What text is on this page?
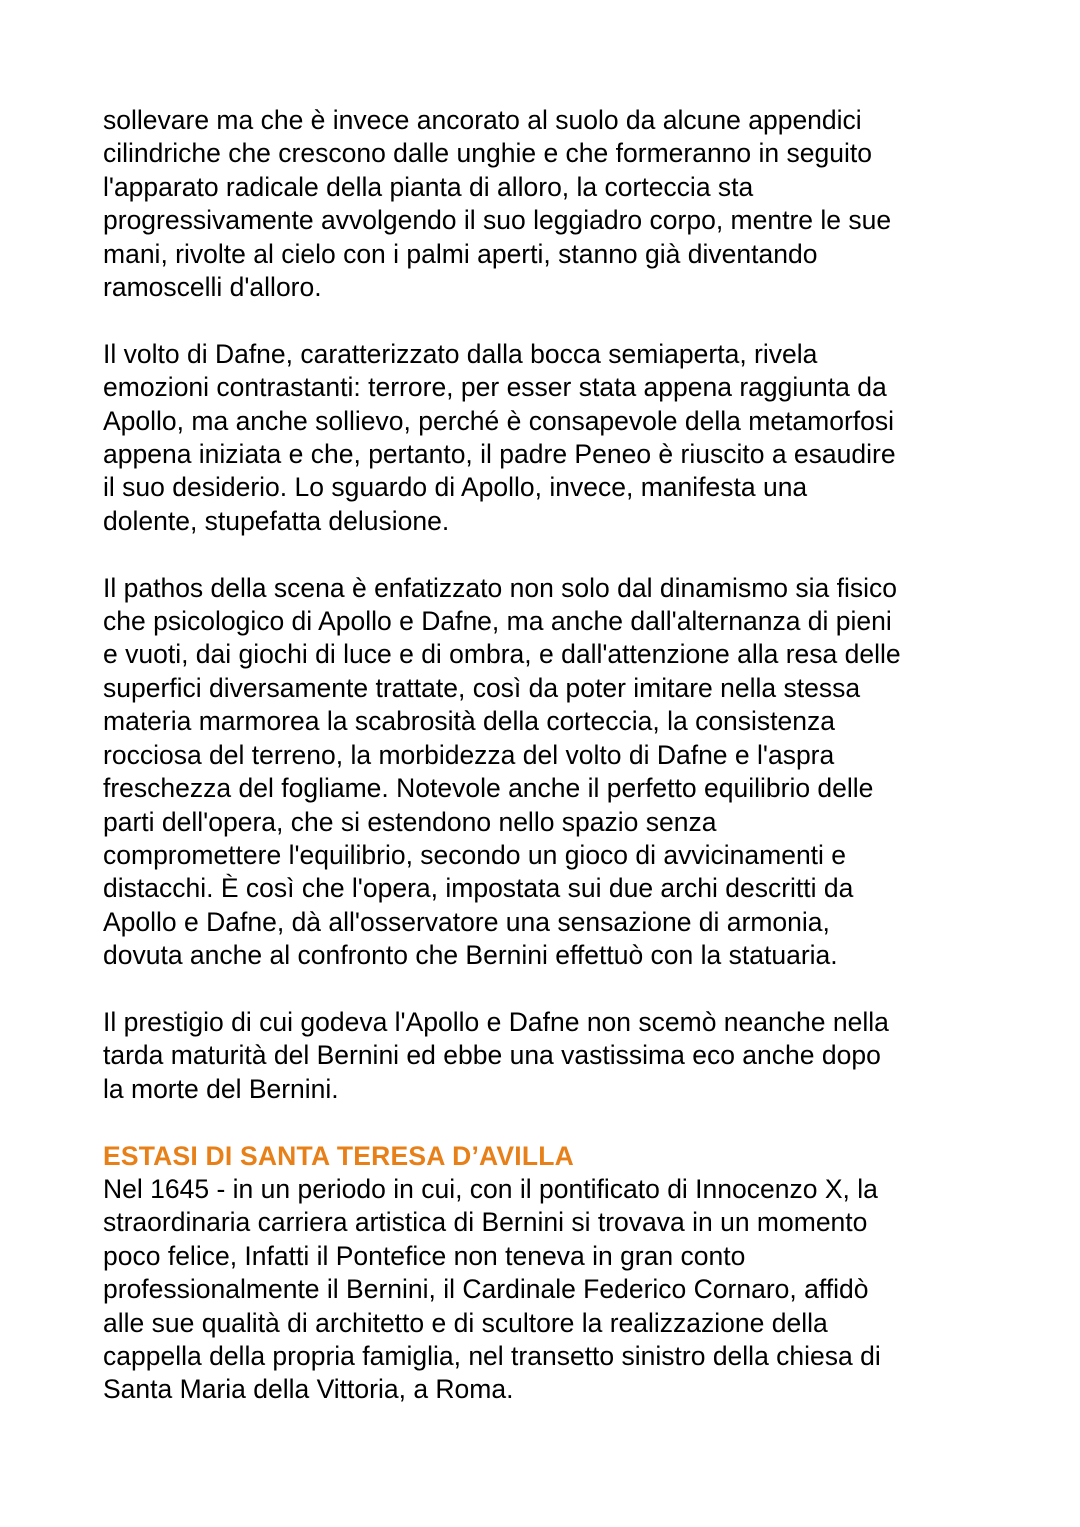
sollevare ma che è invece ancorato al suolo da alcune appendici
cilindriche che crescono dalle unghie e che formeranno in seguito
l'apparato radicale della pianta di alloro, la corteccia sta
progressivamente avvolgendo il suo leggiadro corpo, mentre le sue
mani, rivolte al cielo con i palmi aperti, stanno già diventando
ramoscelli d'alloro.

Il volto di Dafne, caratterizzato dalla bocca semiaperta, rivela
emozioni contrastanti: terrore, per esser stata appena raggiunta da
Apollo, ma anche sollievo, perché è consapevole della metamorfosi
appena iniziata e che, pertanto, il padre Peneo è riuscito a esaudire
il suo desiderio. Lo sguardo di Apollo, invece, manifesta una
dolente, stupefatta delusione.

Il pathos della scena è enfatizzato non solo dal dinamismo sia fisico
che psicologico di Apollo e Dafne, ma anche dall'alternanza di pieni
e vuoti, dai giochi di luce e di ombra, e dall'attenzione alla resa delle
superfici diversamente trattate, così da poter imitare nella stessa
materia marmorea la scabrosità della corteccia, la consistenza
rocciosa del terreno, la morbidezza del volto di Dafne e l'aspra
freschezza del fogliame. Notevole anche il perfetto equilibrio delle
parti dell'opera, che si estendono nello spazio senza
compromettere l'equilibrio, secondo un gioco di avvicinamenti e
distacchi. È così che l'opera, impostata sui due archi descritti da
Apollo e Dafne, dà all'osservatore una sensazione di armonia,
dovuta anche al confronto che Bernini effettuò con la statuaria.

Il prestigio di cui godeva l'Apollo e Dafne non scemò neanche nella
tarda maturità del Bernini ed ebbe una vastissima eco anche dopo
la morte del Bernini.

ESTASI DI SANTA TERESA D’AVILLA

Nel 1645 - in un periodo in cui, con il pontificato di Innocenzo X, la
straordinaria carriera artistica di Bernini si trovava in un momento
poco felice, Infatti il Pontefice non teneva in gran conto
professionalmente il Bernini, il Cardinale Federico Cornaro, affidò
alle sue qualità di architetto e di scultore la realizzazione della
cappella della propria famiglia, nel transetto sinistro della chiesa di
Santa Maria della Vittoria, a Roma.
